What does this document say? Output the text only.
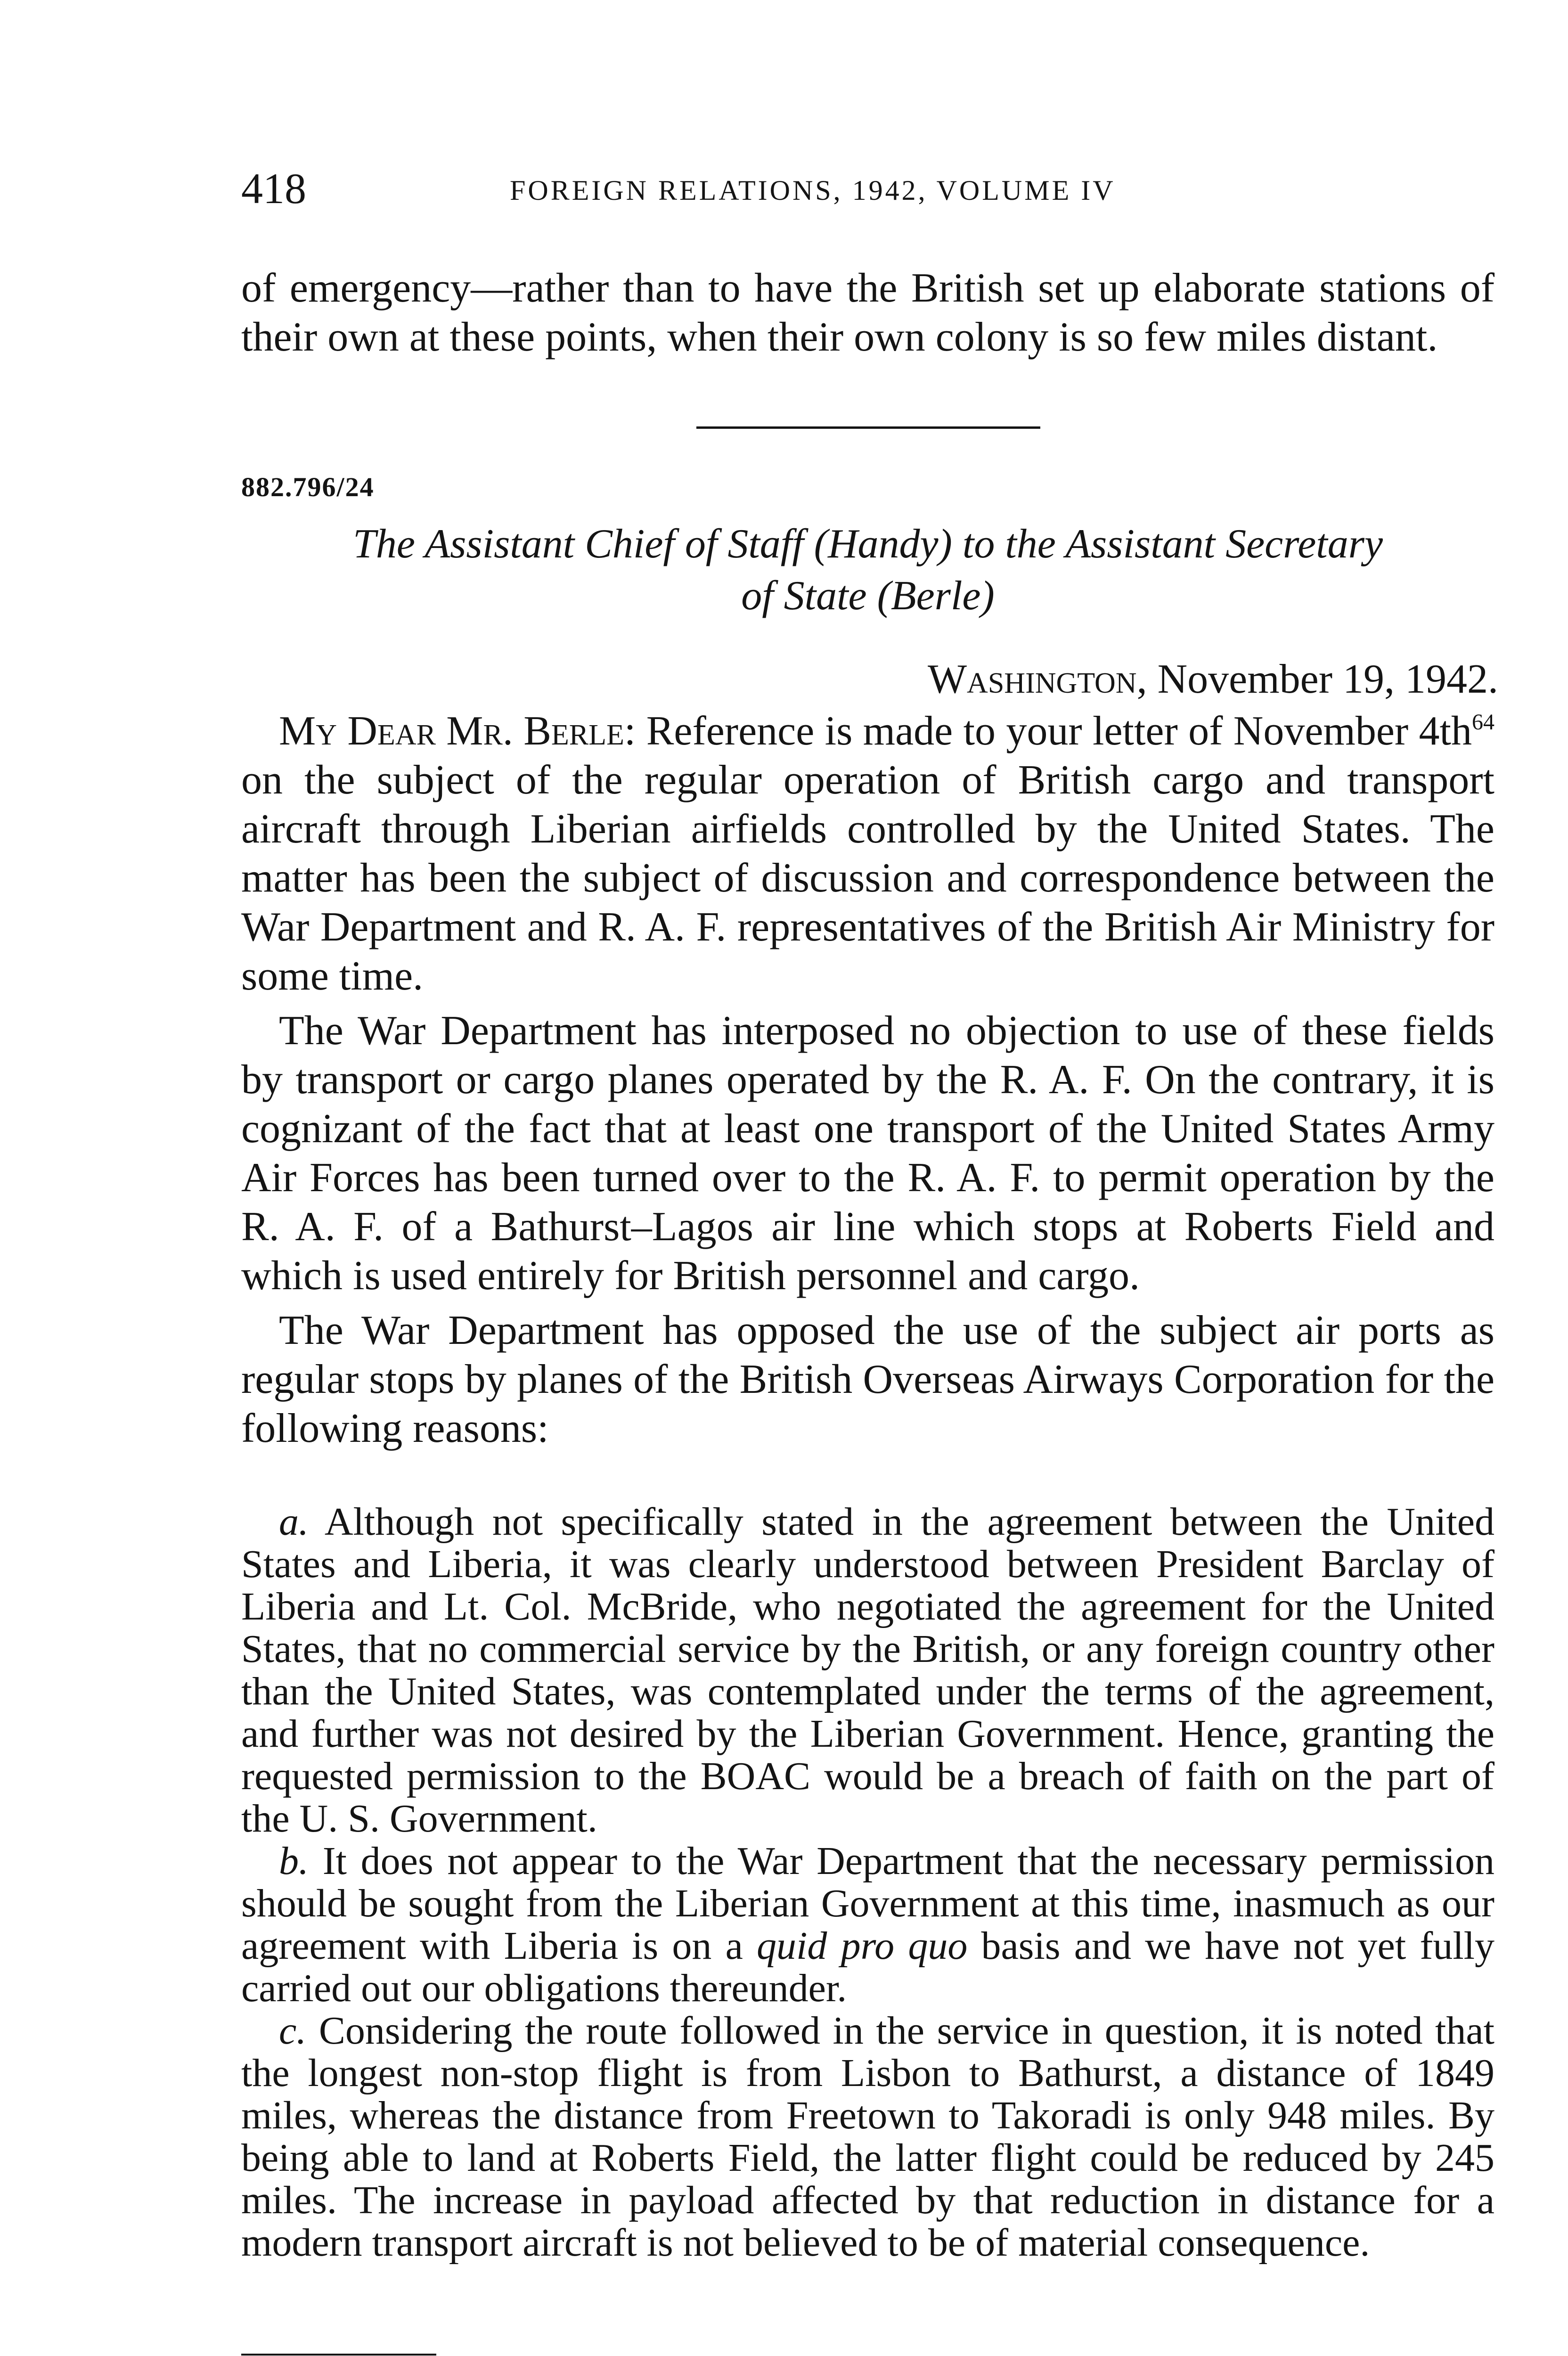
418	FOREIGN RELATIONS, 1942, VOLUME IV

of emergency—rather than to have the British set up elaborate stations of their own at these points, when their own colony is so few miles distant.

882.796/24
The Assistant Chief of Staff (Handy) to the Assistant Secretary
of State (Berle)
Washington, November 19, 1942.

My Dear Mr. Berle: Reference is made to your letter of November $4th^{64}$ on the subject of the regular operation of British cargo and transport aircraft through Liberian airfields controlled by the United States. The matter has been the subject of discussion and correspondence between the War Department and R. A. F. representatives of the British Air Ministry for some time.

The War Department has interposed no objection to use of these fields by transport or cargo planes operated by the R. A. F. On the contrary, it is cognizant of the fact that at least one transport of the United States Army Air Forces has been turned over to the R. A. F. to permit operation by the R. A. F. of a Bathurst–Lagos air line which stops at Roberts Field and which is used entirely for British personnel and cargo.

The War Department has opposed the use of the subject air ports as regular stops by planes of the British Overseas Airways Corporation for the following reasons:

a. Although not specifically stated in the agreement between the United States and Liberia, it was clearly understood between President Barclay of Liberia and Lt. Col. McBride, who negotiated the agreement for the United States, that no commercial service by the British, or any foreign country other than the United States, was contemplated under the terms of the agreement, and further was not desired by the Liberian Government. Hence, granting the requested permission to the BOAC would be a breach of faith on the part of the U. S. Government.

b. It does not appear to the War Department that the necessary permission should be sought from the Liberian Government at this time, inasmuch as our agreement with Liberia is on a quid pro quo basis and we have not yet fully carried out our obligations thereunder.

c. Considering the route followed in the service in question, it is noted that the longest non-stop flight is from Lisbon to Bathurst, a distance of 1849 miles, whereas the distance from Freetown to Takoradi is only 948 miles. By being able to land at Roberts Field, the latter flight could be reduced by 245 miles. The increase in payload affected by that reduction in distance for a modern transport aircraft is not believed to be of material consequence.
